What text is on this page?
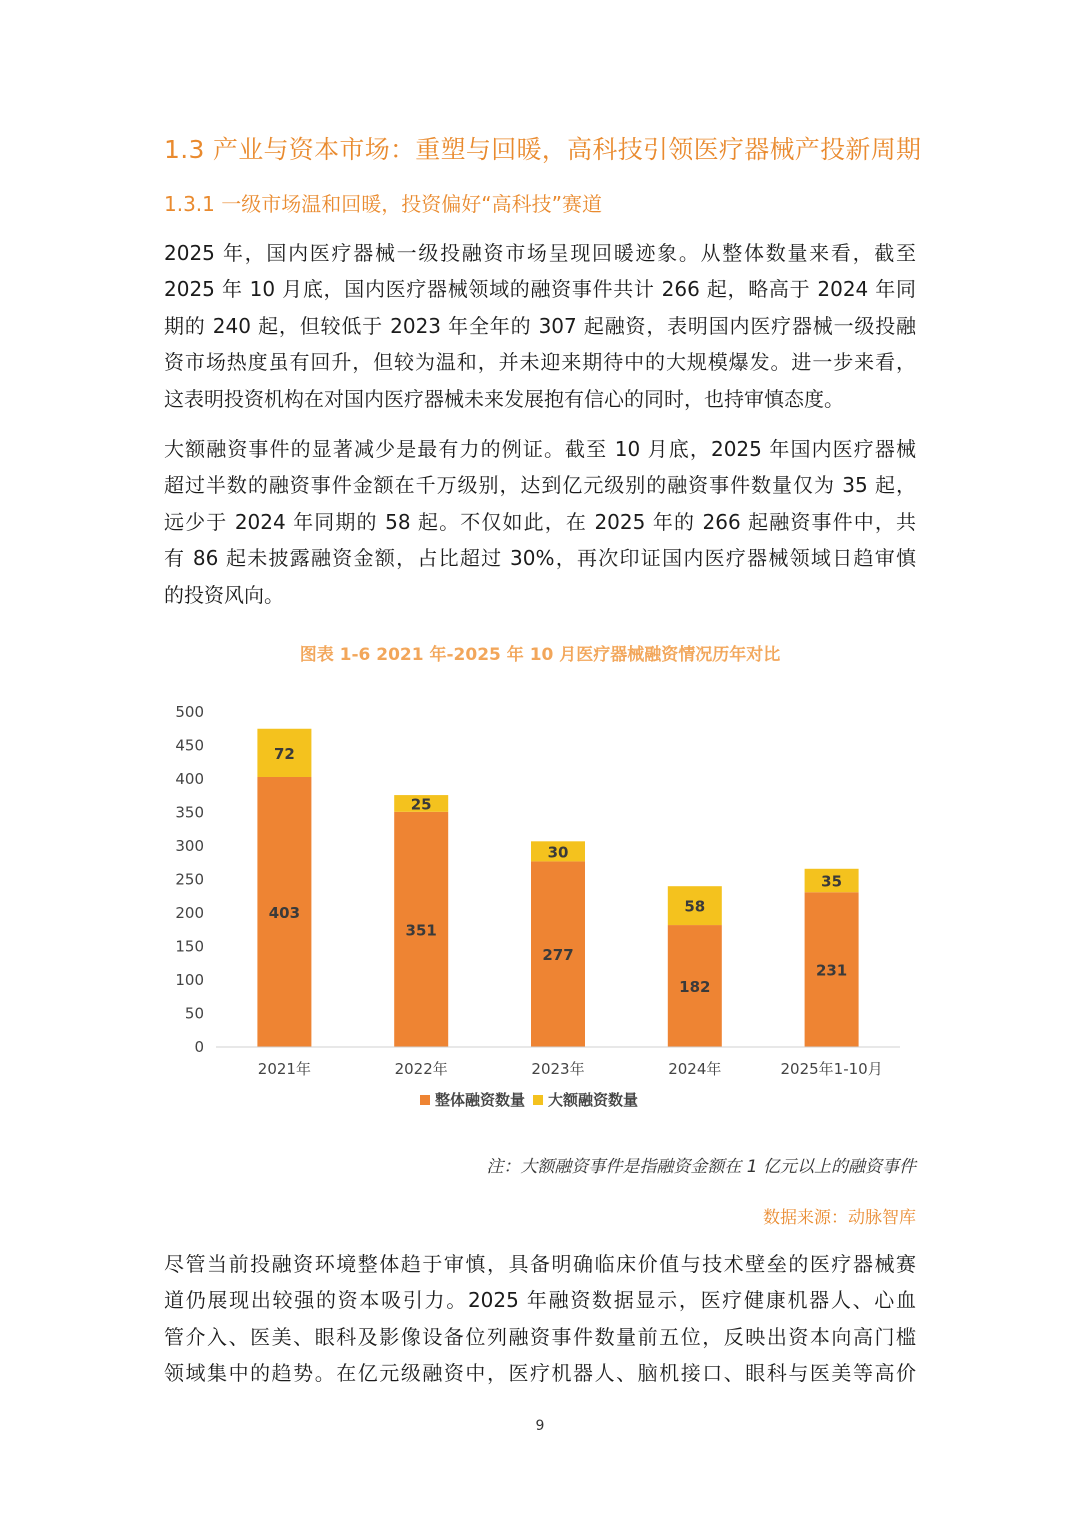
1.3 产业与资本市场：重塑与回暖，高科技引领医疗器械产投新周期
1.3.1 一级市场温和回暖，投资偏好“高科技”赛道
2025 年，国内医疗器械一级投融资市场呈现回暖迹象。从整体数量来看，截至
2025 年 10 月底，国内医疗器械领域的融资事件共计 266 起，略高于 2024 年同
期的 240 起，但较低于 2023 年全年的 307 起融资，表明国内医疗器械一级投融
资市场热度虽有回升，但较为温和，并未迎来期待中的大规模爆发。进一步来看，
这表明投资机构在对国内医疗器械未来发展抱有信心的同时，也持审慎态度。
大额融资事件的显著减少是最有力的例证。截至 10 月底，2025 年国内医疗器械
超过半数的融资事件金额在千万级别，达到亿元级别的融资事件数量仅为 35 起，
远少于 2024 年同期的 58 起。不仅如此，在 2025 年的 266 起融资事件中，共
有 86 起未披露融资金额，占比超过 30%，再次印证国内医疗器械领域日趋审慎
的投资风向。
图表 1-6 2021 年-2025 年 10 月医疗器械融资情况历年对比
0
50
100
150
200
250
300
350
400
450
500
403
72
351
25
277
30
182
58
231
35
2021年	2022年	2023年	2024年	2025年1-10月
整体融资数量 大额融资数量
注：大额融资事件是指融资金额在 1 亿元以上的融资事件
数据来源：动脉智库
尽管当前投融资环境整体趋于审慎，具备明确临床价值与技术壁垒的医疗器械赛
道仍展现出较强的资本吸引力。2025 年融资数据显示，医疗健康机器人、心血
管介入、医美、眼科及影像设备位列融资事件数量前五位，反映出资本向高门槛
领域集中的趋势。在亿元级融资中，医疗机器人、脑机接口、眼科与医美等高价
9
